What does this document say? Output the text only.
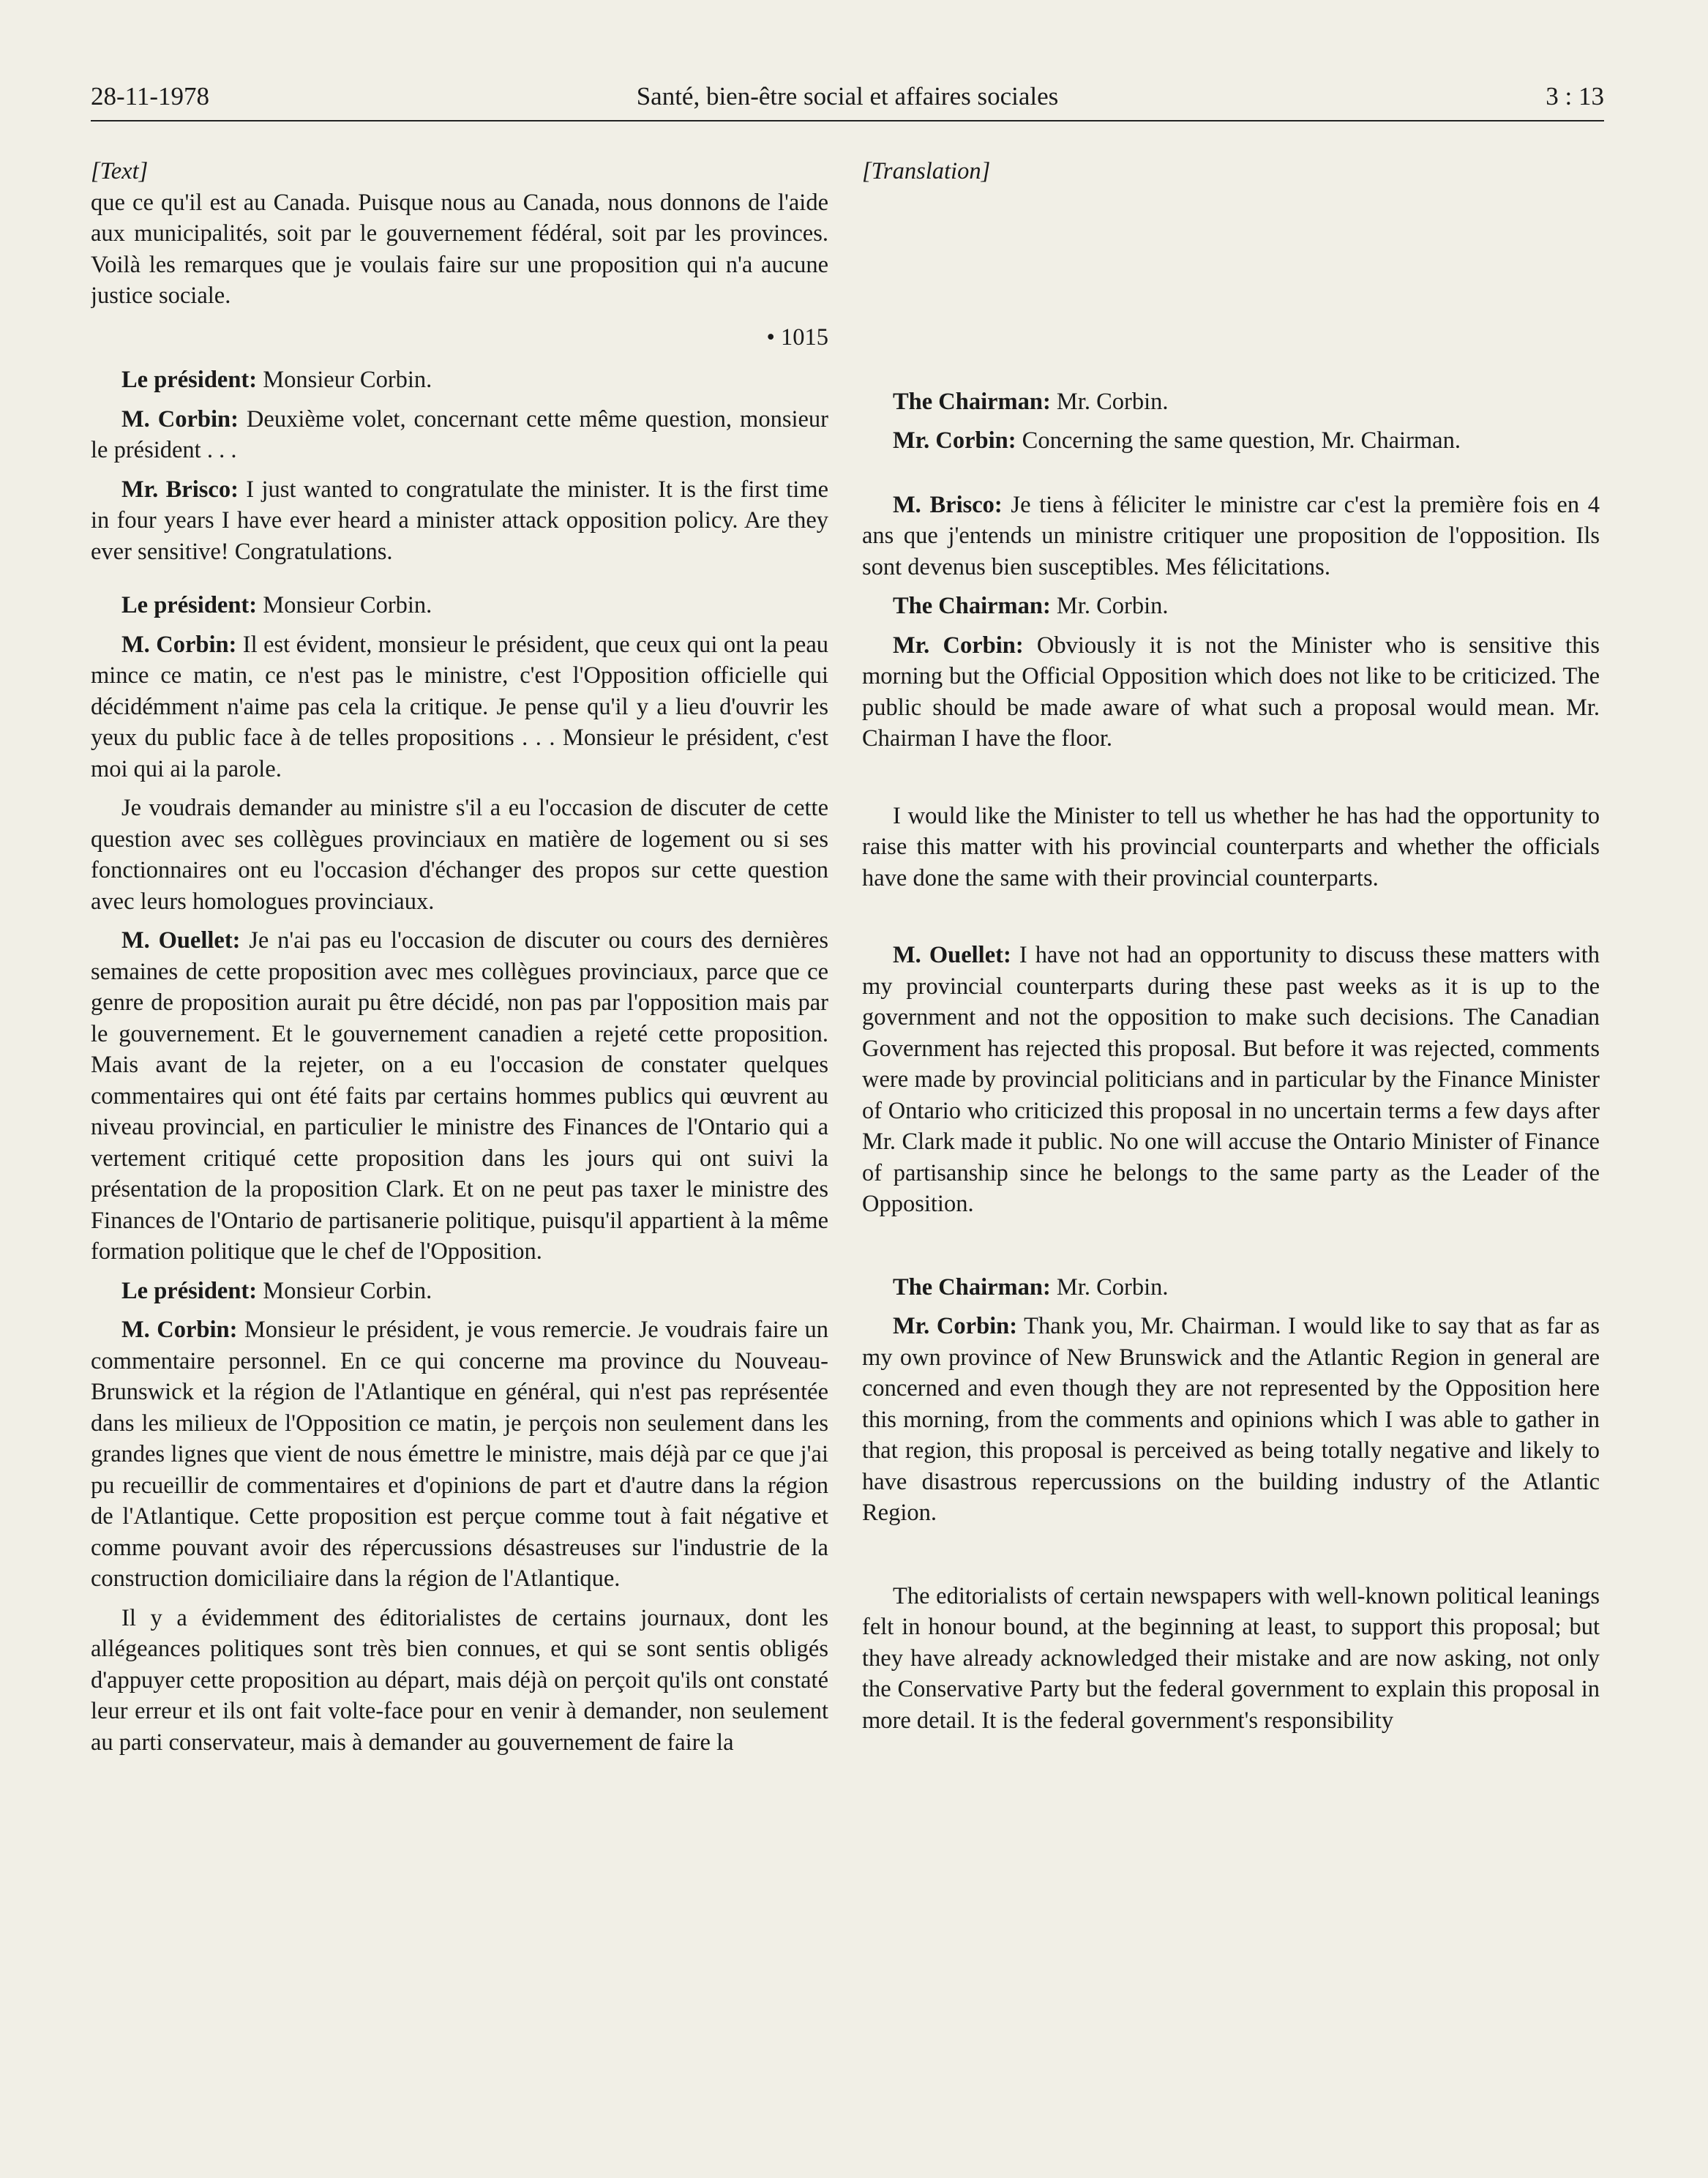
28-11-1978	Santé, bien-être social et affaires sociales	3 : 13

[Text]

que ce qu'il est au Canada. Puisque nous au Canada, nous donnons de l'aide aux municipalités, soit par le gouvernement fédéral, soit par les provinces. Voilà les remarques que je voulais faire sur une proposition qui n'a aucune justice sociale.

• 1015

Le président: Monsieur Corbin.

M. Corbin: Deuxième volet, concernant cette même question, monsieur le président . . .

Mr. Brisco: I just wanted to congratulate the minister. It is the first time in four years I have ever heard a minister attack opposition policy. Are they ever sensitive! Congratulations.

Le président: Monsieur Corbin.

M. Corbin: Il est évident, monsieur le président, que ceux qui ont la peau mince ce matin, ce n'est pas le ministre, c'est l'Opposition officielle qui décidémment n'aime pas cela la critique. Je pense qu'il y a lieu d'ouvrir les yeux du public face à de telles propositions . . . Monsieur le président, c'est moi qui ai la parole.

Je voudrais demander au ministre s'il a eu l'occasion de discuter de cette question avec ses collègues provinciaux en matière de logement ou si ses fonctionnaires ont eu l'occasion d'échanger des propos sur cette question avec leurs homologues provinciaux.

M. Ouellet: Je n'ai pas eu l'occasion de discuter ou cours des dernières semaines de cette proposition avec mes collègues provinciaux, parce que ce genre de proposition aurait pu être décidé, non pas par l'opposition mais par le gouvernement. Et le gouvernement canadien a rejeté cette proposition. Mais avant de la rejeter, on a eu l'occasion de constater quelques commentaires qui ont été faits par certains hommes publics qui œuvrent au niveau provincial, en particulier le ministre des Finances de l'Ontario qui a vertement critiqué cette proposition dans les jours qui ont suivi la présentation de la proposition Clark. Et on ne peut pas taxer le ministre des Finances de l'Ontario de partisanerie politique, puisqu'il appartient à la même formation politique que le chef de l'Opposition.

Le président: Monsieur Corbin.

M. Corbin: Monsieur le président, je vous remercie. Je voudrais faire un commentaire personnel. En ce qui concerne ma province du Nouveau-Brunswick et la région de l'Atlantique en général, qui n'est pas représentée dans les milieux de l'Opposition ce matin, je perçois non seulement dans les grandes lignes que vient de nous émettre le ministre, mais déjà par ce que j'ai pu recueillir de commentaires et d'opinions de part et d'autre dans la région de l'Atlantique. Cette proposition est perçue comme tout à fait négative et comme pouvant avoir des répercussions désastreuses sur l'industrie de la construction domiciliaire dans la région de l'Atlantique.

Il y a évidemment des éditorialistes de certains journaux, dont les allégeances politiques sont très bien connues, et qui se sont sentis obligés d'appuyer cette proposition au départ, mais déjà on perçoit qu'ils ont constaté leur erreur et ils ont fait volte-face pour en venir à demander, non seulement au parti conservateur, mais à demander au gouvernement de faire la

[Translation]

The Chairman: Mr. Corbin.

Mr. Corbin: Concerning the same question, Mr. Chairman.

M. Brisco: Je tiens à féliciter le ministre car c'est la première fois en 4 ans que j'entends un ministre critiquer une proposition de l'opposition. Ils sont devenus bien susceptibles. Mes félicitations.

The Chairman: Mr. Corbin.

Mr. Corbin: Obviously it is not the Minister who is sensitive this morning but the Official Opposition which does not like to be criticized. The public should be made aware of what such a proposal would mean. Mr. Chairman I have the floor.

I would like the Minister to tell us whether he has had the opportunity to raise this matter with his provincial counterparts and whether the officials have done the same with their provincial counterparts.

M. Ouellet: I have not had an opportunity to discuss these matters with my provincial counterparts during these past weeks as it is up to the government and not the opposition to make such decisions. The Canadian Government has rejected this proposal. But before it was rejected, comments were made by provincial politicians and in particular by the Finance Minister of Ontario who criticized this proposal in no uncertain terms a few days after Mr. Clark made it public. No one will accuse the Ontario Minister of Finance of partisanship since he belongs to the same party as the Leader of the Opposition.

The Chairman: Mr. Corbin.

Mr. Corbin: Thank you, Mr. Chairman. I would like to say that as far as my own province of New Brunswick and the Atlantic Region in general are concerned and even though they are not represented by the Opposition here this morning, from the comments and opinions which I was able to gather in that region, this proposal is perceived as being totally negative and likely to have disastrous repercussions on the building industry of the Atlantic Region.

The editorialists of certain newspapers with well-known political leanings felt in honour bound, at the beginning at least, to support this proposal; but they have already acknowledged their mistake and are now asking, not only the Conservative Party but the federal government to explain this proposal in more detail. It is the federal government's responsibility
